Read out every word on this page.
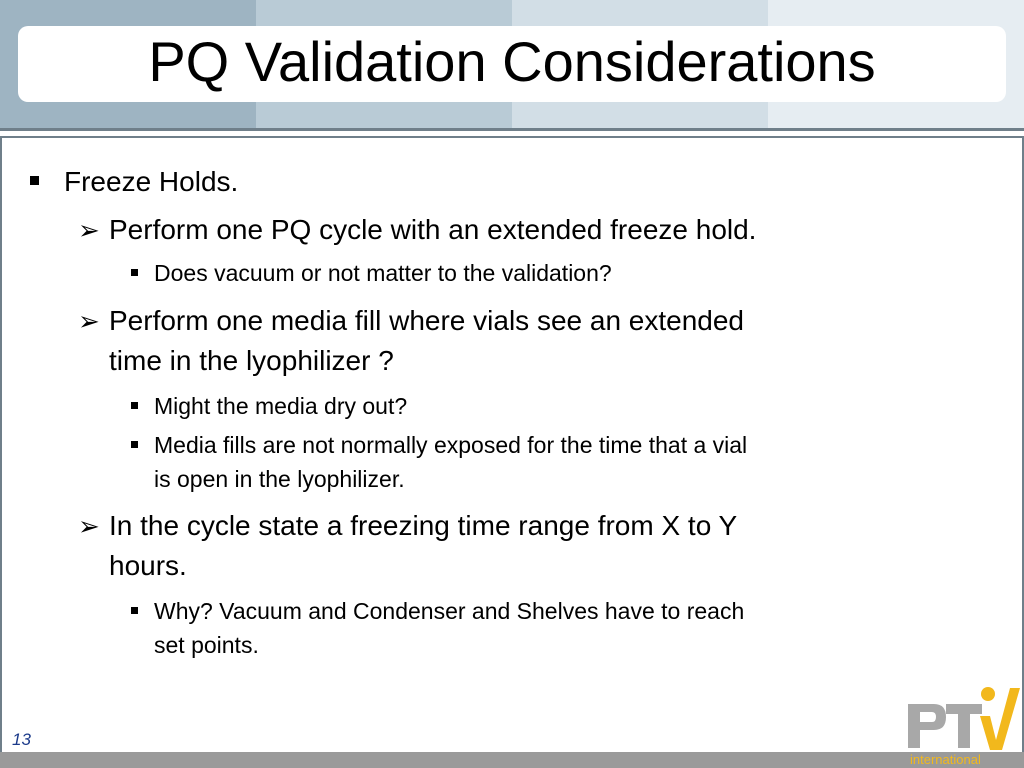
PQ Validation Considerations
Freeze Holds.
➢ Perform one PQ cycle with an extended freeze hold.
Does vacuum or not matter to the validation?
➢ Perform one media fill where vials see an extended
time in the lyophilizer ?
Might the media dry out?
Media fills are not normally exposed for the time that a vial
is open in the lyophilizer.
➢ In the cycle state a freezing time range from X to Y
hours.
Why? Vacuum and Condenser and Shelves have to reach
set points.
13
international
